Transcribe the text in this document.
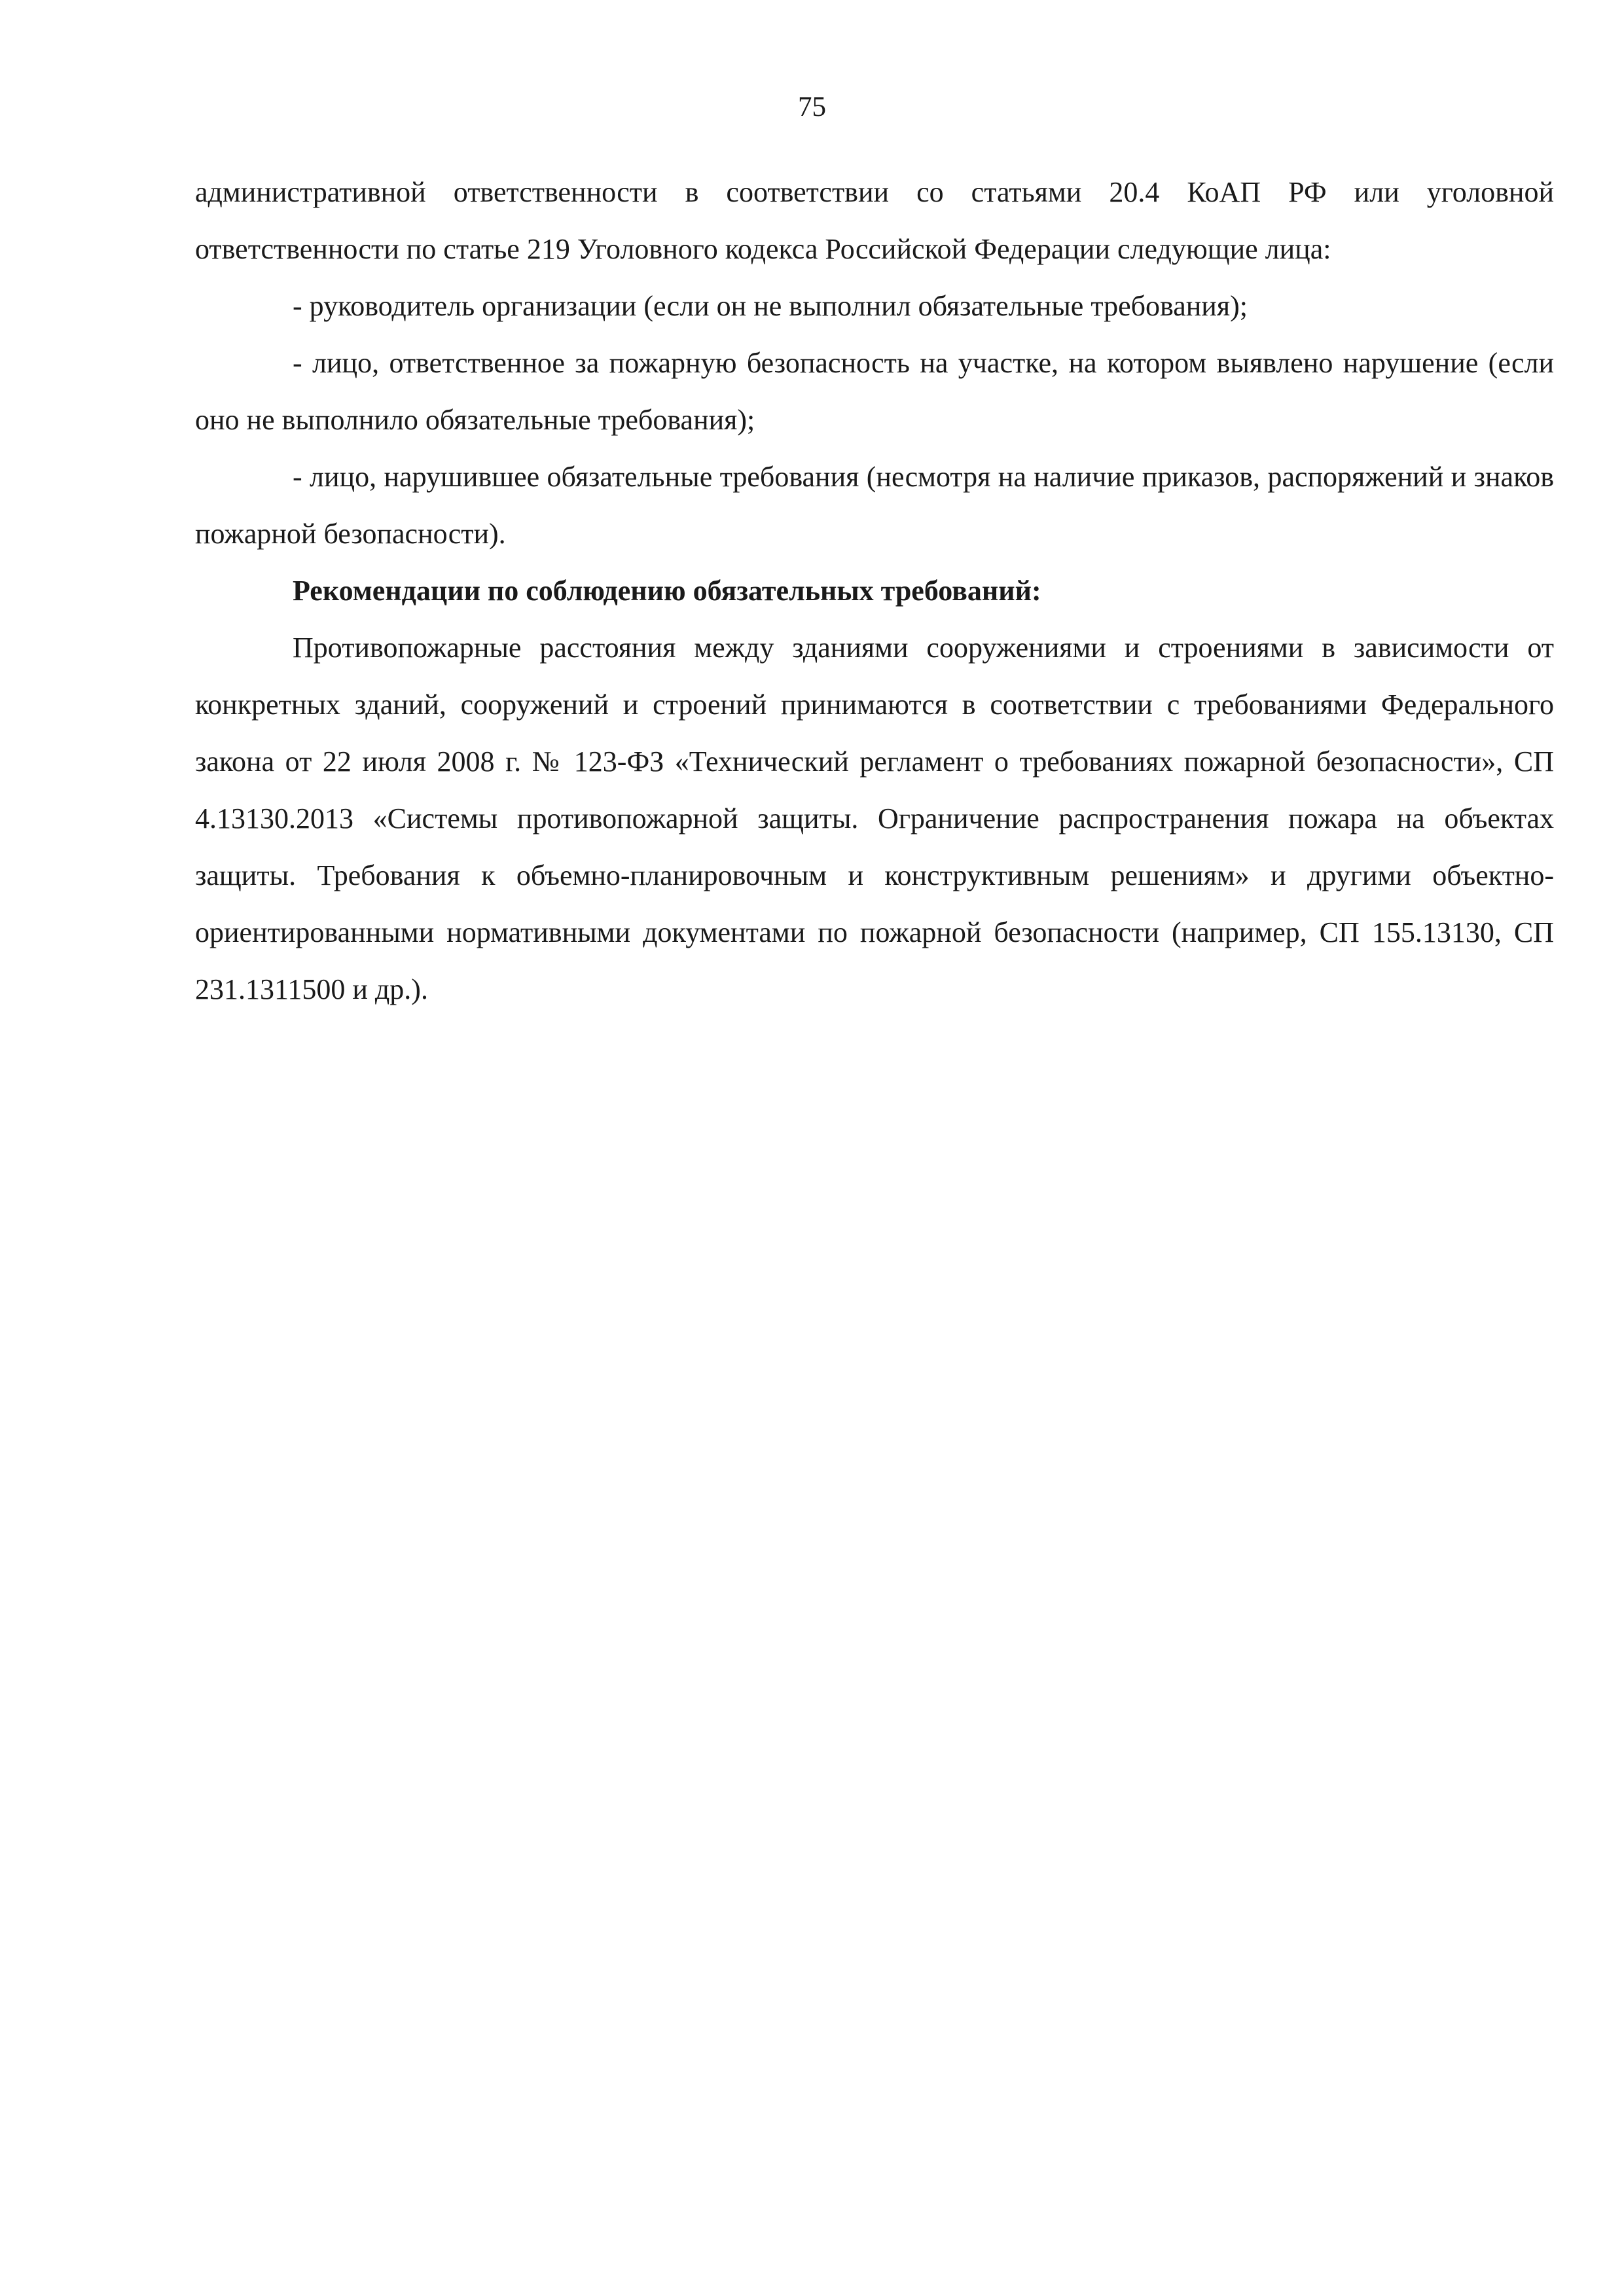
75

административной ответственности в соответствии со статьями 20.4 КоАП РФ или уголовной ответственности по статье 219 Уголовного кодекса Российской Федерации следующие лица:

- руководитель организации (если он не выполнил обязательные требования);

- лицо, ответственное за пожарную безопасность на участке, на котором выявлено нарушение (если оно не выполнило обязательные требования);

- лицо, нарушившее обязательные требования (несмотря на наличие приказов, распоряжений и знаков пожарной безопасности).

Рекомендации по соблюдению обязательных требований:

Противопожарные расстояния между зданиями сооружениями и строениями в зависимости от конкретных зданий, сооружений и строений принимаются в соответствии с требованиями Федерального закона от 22 июля 2008 г. № 123-ФЗ «Технический регламент о требованиях пожарной безопасности», СП 4.13130.2013 «Системы противопожарной защиты. Ограничение распространения пожара на объектах защиты. Требования к объемно-планировочным и конструктивным решениям» и другими объектно-ориентированными нормативными документами по пожарной безопасности (например, СП 155.13130, СП 231.1311500 и др.).
